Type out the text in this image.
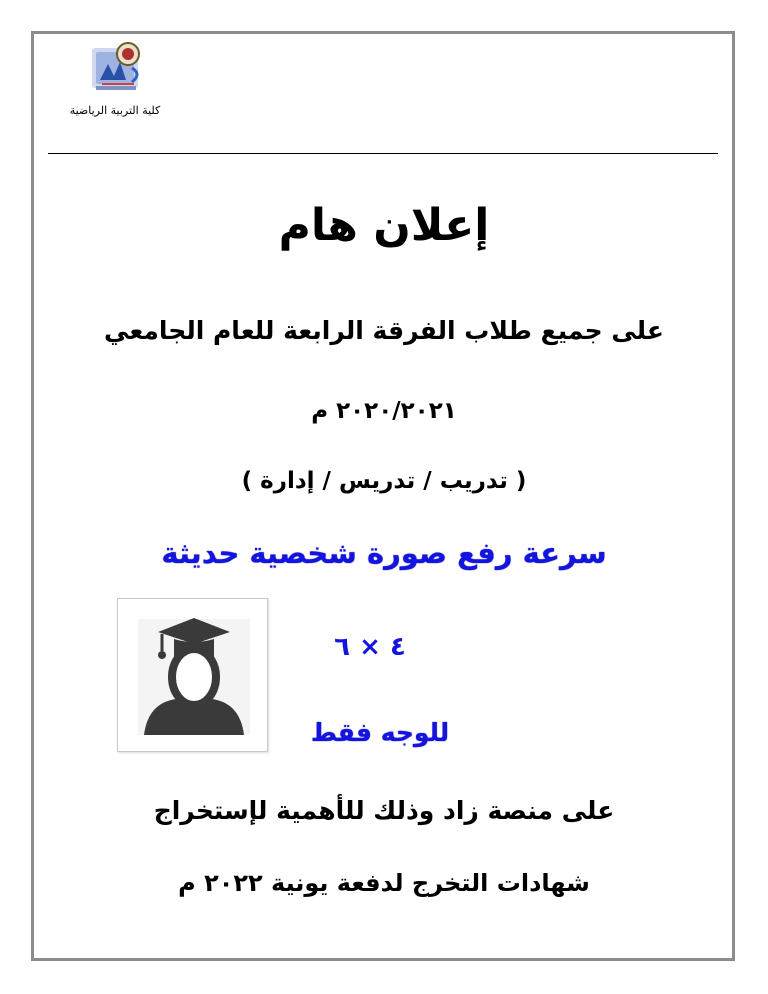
كلية التربية الرياضية
إعلان هام
على جميع طلاب الفرقة الرابعة للعام الجامعي
٢٠٢٠/٢٠٢١ م
( تدريب / تدريس / إدارة )
سرعة رفع صورة شخصية حديثة
٤ × ٦
للوجه فقط
على منصة زاد وذلك للأهمية لإستخراج
شهادات التخرج لدفعة يونية ٢٠٢٢ م
